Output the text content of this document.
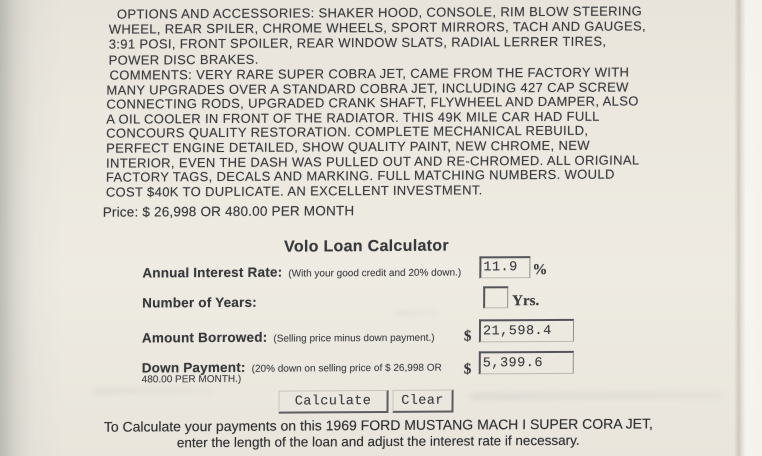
OPTIONS AND ACCESSORIES: SHAKER HOOD, CONSOLE, RIM BLOW STEERING
WHEEL, REAR SPILER, CHROME WHEELS, SPORT MIRRORS, TACH AND GAUGES,
3:91 POSI, FRONT SPOILER, REAR WINDOW SLATS, RADIAL LERRER TIRES,
POWER DISC BRAKES.
COMMENTS: VERY RARE SUPER COBRA JET, CAME FROM THE FACTORY WITH
MANY UPGRADES OVER A STANDARD COBRA JET, INCLUDING 427 CAP SCREW
CONNECTING RODS, UPGRADED CRANK SHAFT, FLYWHEEL AND DAMPER, ALSO
A OIL COOLER IN FRONT OF THE RADIATOR. THIS 49K MILE CAR HAD FULL
CONCOURS QUALITY RESTORATION. COMPLETE MECHANICAL REBUILD,
PERFECT ENGINE DETAILED, SHOW QUALITY PAINT, NEW CHROME, NEW
INTERIOR, EVEN THE DASH WAS PULLED OUT AND RE-CHROMED. ALL ORIGINAL
FACTORY TAGS, DECALS AND MARKING. FULL MATCHING NUMBERS. WOULD
COST $40K TO DUPLICATE. AN EXCELLENT INVESTMENT.
Price: $ 26,998 OR 480.00 PER MONTH
Volo Loan Calculator
Annual Interest Rate: (With your good credit and 20% down.)
11.9	%
Number of Years:	Yrs.
Amount Borrowed: (Selling price minus down payment.) $
21,598.4
Down Payment: (20% down on selling price of $ 26,998 OR
480.00 PER MONTH.)
$
5,399.6
Calculate	Clear
To Calculate your payments on this 1969 FORD MUSTANG MACH I SUPER CORA JET,
enter the length of the loan and adjust the interest rate if necessary.
